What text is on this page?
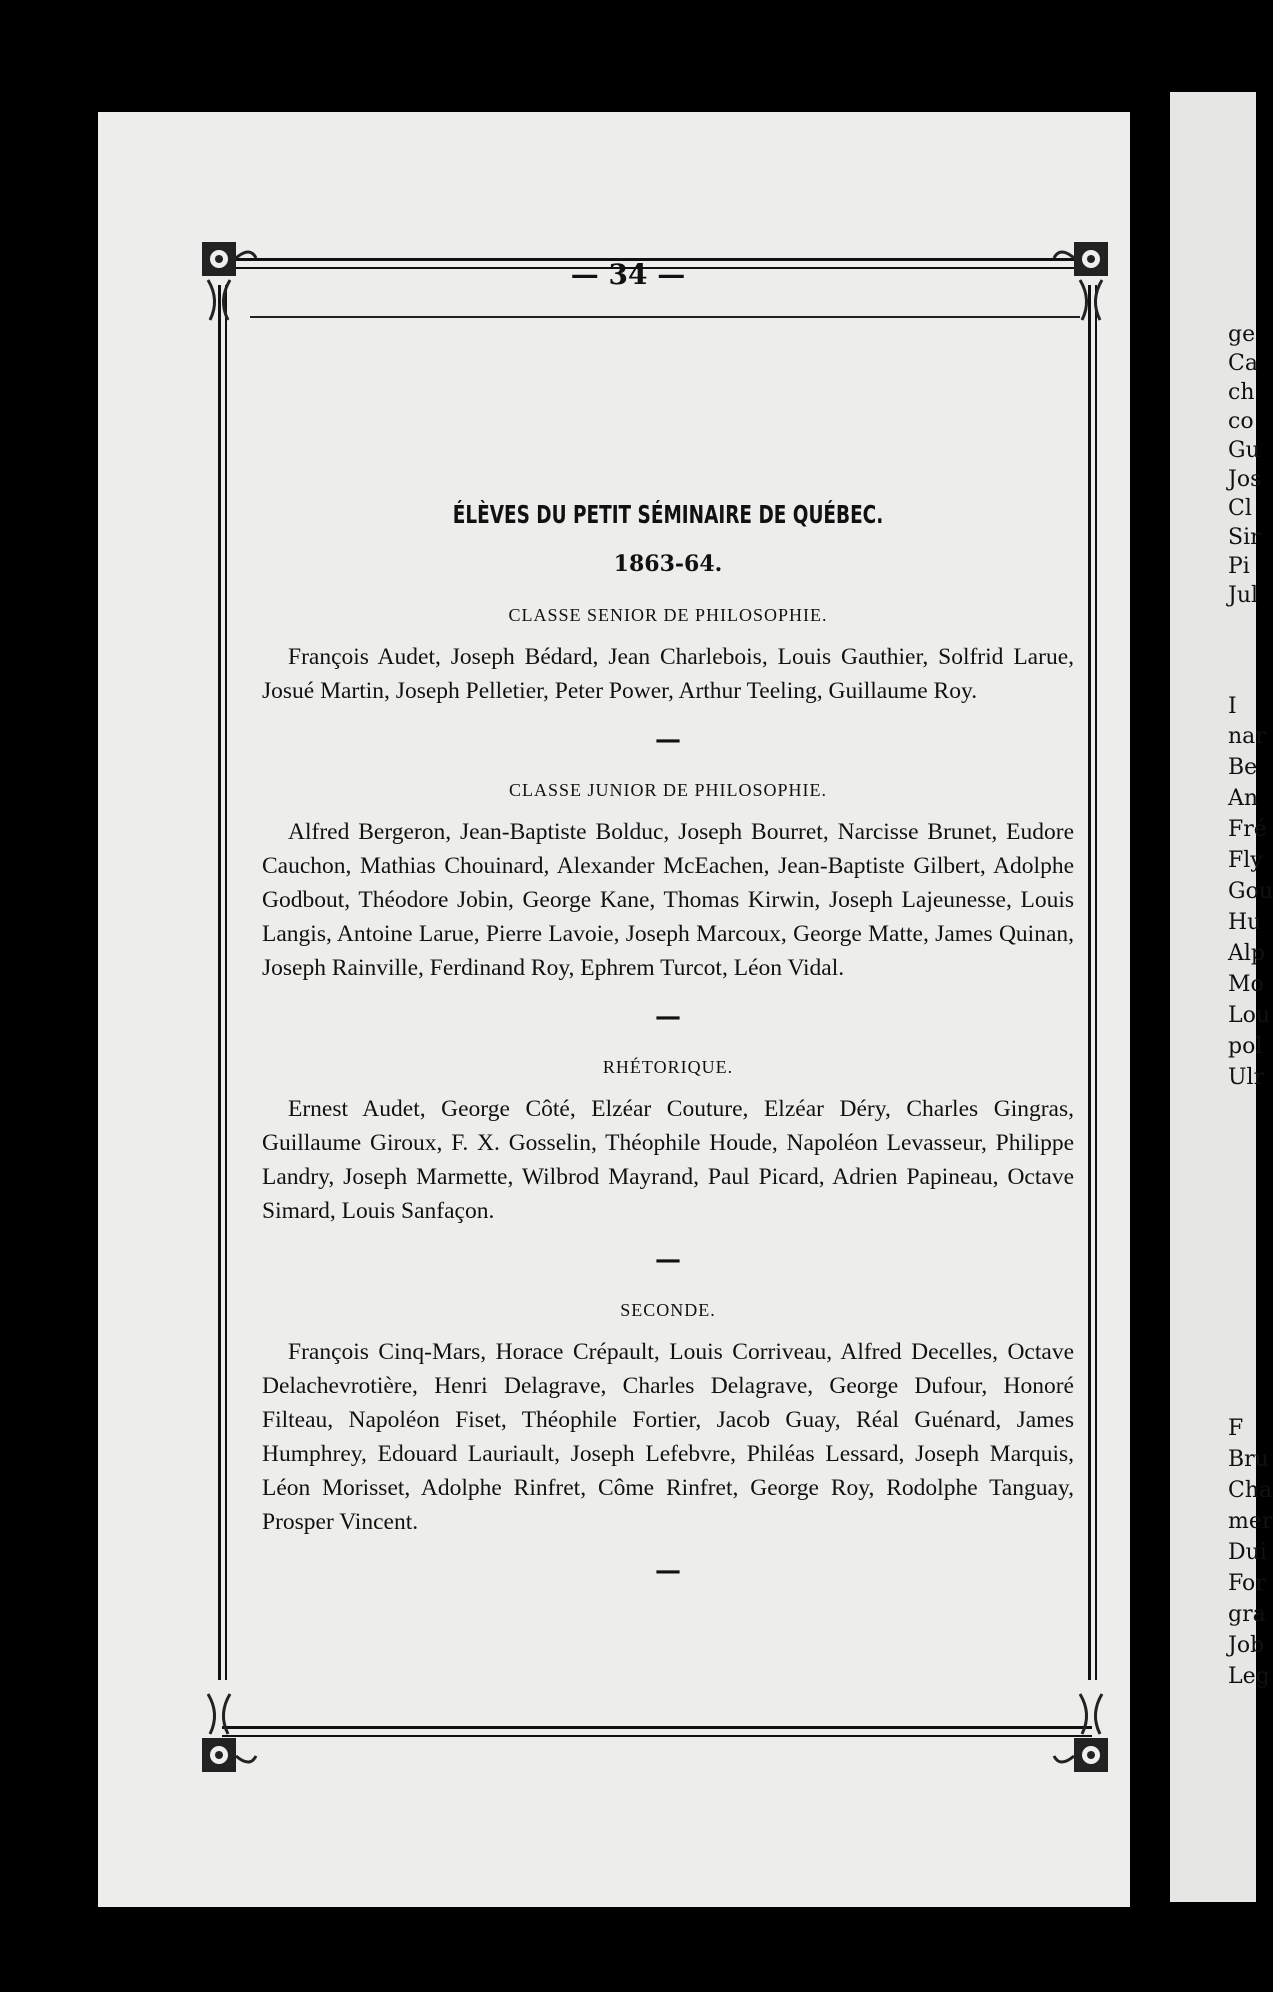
ge
Ca
ch
co
Gu
Jos
Cl
Sir
Pi
Jul
I
nar
Be
An
Fré
Fly
Gou
Hu
Alp
Mo
Lou
pol
Ulr
F
Bru
Cha
mer
Dui
For
gra
Job
Leg
— 34 —
ÉLÈVES DU PETIT SÉMINAIRE DE QUÉBEC.
1863-64.
CLASSE SENIOR DE PHILOSOPHIE.

François Audet, Joseph Bédard, Jean Charlebois, Louis Gauthier, Solfrid Larue, Josué Martin, Joseph Pelletier, Peter Power, Arthur Teeling, Guillaume Roy.

—
CLASSE JUNIOR DE PHILOSOPHIE.

Alfred Bergeron, Jean-Baptiste Bolduc, Joseph Bourret, Narcisse Brunet, Eudore Cauchon, Mathias Chouinard, Alexander McEachen, Jean-Baptiste Gilbert, Adolphe Godbout, Théodore Jobin, George Kane, Thomas Kirwin, Joseph Lajeunesse, Louis Langis, Antoine Larue, Pierre Lavoie, Joseph Marcoux, George Matte, James Quinan, Joseph Rainville, Ferdinand Roy, Ephrem Turcot, Léon Vidal.

—
RHÉTORIQUE.

Ernest Audet, George Côté, Elzéar Couture, Elzéar Déry, Charles Gingras, Guillaume Giroux, F. X. Gosselin, Théophile Houde, Napoléon Levasseur, Philippe Landry, Joseph Marmette, Wilbrod Mayrand, Paul Picard, Adrien Papineau, Octave Simard, Louis Sanfaçon.

—
SECONDE.

François Cinq-Mars, Horace Crépault, Louis Corriveau, Alfred Decelles, Octave Delachevrotière, Henri Delagrave, Charles Delagrave, George Dufour, Honoré Filteau, Napoléon Fiset, Théophile Fortier, Jacob Guay, Réal Guénard, James Humphrey, Edouard Lauriault, Joseph Lefebvre, Philéas Lessard, Joseph Marquis, Léon Morisset, Adolphe Rinfret, Côme Rinfret, George Roy, Rodolphe Tanguay, Prosper Vincent.

—
